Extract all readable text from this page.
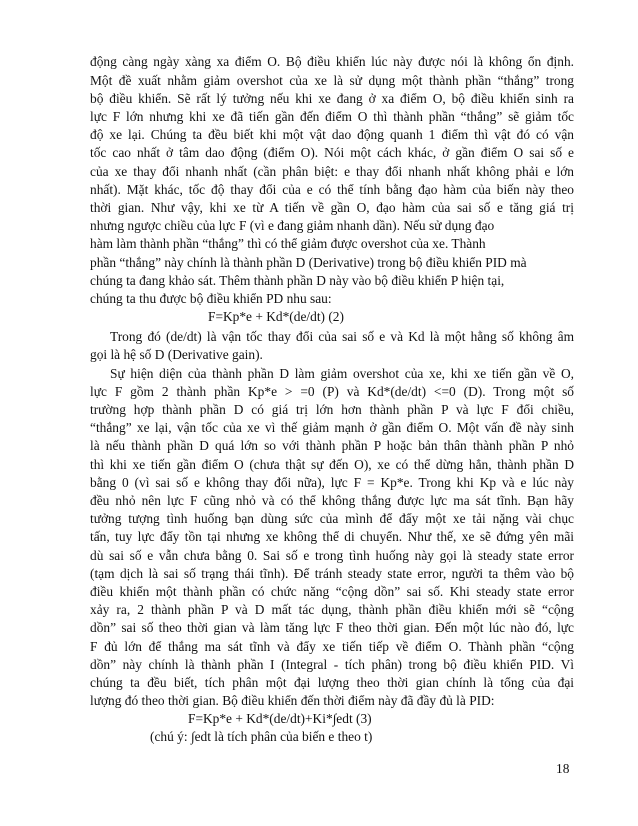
động càng ngày xàng xa điểm O. Bộ điều khiển lúc này được nói là không ổn định.
Một đề xuất nhằm giảm overshot của xe là sử dụng một thành phần “thắng” trong
bộ điều khiển. Sẽ rất lý tưởng nếu khi xe đang ở xa điểm O, bộ điều khiển sinh ra
lực F lớn nhưng khi xe đã tiến gần đến điểm O thì thành phần “thắng” sẽ giảm tốc
độ xe lại. Chúng ta đều biết khi một vật dao động quanh 1 điểm thì vật đó có vận
tốc cao nhất ở tâm dao động (điểm O). Nói một cách khác, ở gần điểm O sai số e
của xe thay đổi nhanh nhất (cần phân biệt: e thay đổi nhanh nhất không phải e lớn
nhất). Mặt khác, tốc độ thay đổi của e có thể tính bằng đạo hàm của biến này theo
thời gian. Như vậy, khi xe từ A tiến về gần O, đạo hàm của sai số e tăng giá trị
nhưng ngược chiều của lực F (vì e đang giảm nhanh dần). Nếu sử dụng đạo
hàm làm thành phần “thắng” thì có thể giảm được overshot của xe. Thành
phần “thắng” này chính là thành phần D (Derivative) trong bộ điều khiển PID mà
chúng ta đang khảo sát. Thêm thành phần D này vào bộ điều khiển P hiện tại,
chúng ta thu được bộ điều khiển PD nhu sau:
F=Kp*e + Kd*(de/dt) (2)
Trong đó (de/dt) là vận tốc thay đổi của sai số e và Kd là một hằng số không âm
gọi là hệ số D (Derivative gain).
Sự hiện diện của thành phần D làm giảm overshot của xe, khi xe tiến gần về O,
lực F gồm 2 thành phần Kp*e > =0 (P) và Kd*(de/dt) <=0 (D). Trong một số
trường hợp thành phần D có giá trị lớn hơn thành phần P và lực F đổi chiều,
“thắng” xe lại, vận tốc của xe vì thế giảm mạnh ở gần điểm O. Một vấn đề này sinh
là nếu thành phần D quá lớn so với thành phần P hoặc bản thân thành phần P nhỏ
thì khi xe tiến gần điểm O (chưa thật sự đến O), xe có thể dừng hẳn, thành phần D
bằng 0 (vì sai số e không thay đổi nữa), lực F = Kp*e. Trong khi Kp và e lúc này
đều nhỏ nên lực F cũng nhỏ và có thể không thắng được lực ma sát tĩnh. Bạn hãy
tưởng tượng tình huống bạn dùng sức của mình để đẩy một xe tải nặng vài chục
tấn, tuy lực đẩy tồn tại nhưng xe không thể di chuyển. Như thế, xe sẽ đứng yên mãi
dù sai số e vẫn chưa bằng 0. Sai số e trong tình huống này gọi là steady state error
(tạm dịch là sai số trạng thái tĩnh). Để tránh steady state error, người ta thêm vào bộ
điều khiển một thành phần có chức năng “cộng dồn” sai số. Khi steady state error
xảy ra, 2 thành phần P và D mất tác dụng, thành phần điều khiển mới sẽ “cộng
dồn” sai số theo thời gian và làm tăng lực F theo thời gian. Đến một lúc nào đó, lực
F đủ lớn để thắng ma sát tĩnh và đẩy xe tiến tiếp về điểm O. Thành phần “cộng
dồn” này chính là thành phần I (Integral - tích phân) trong bộ điều khiển PID. Vì
chúng ta đều biết, tích phân một đại lượng theo thời gian chính là tổng của đại
lượng đó theo thời gian. Bộ điều khiển đến thời điểm này đã đầy đủ là PID:
F=Kp*e + Kd*(de/dt)+Ki*∫edt (3)
(chú ý: ∫edt là tích phân của biến e theo t)
18
